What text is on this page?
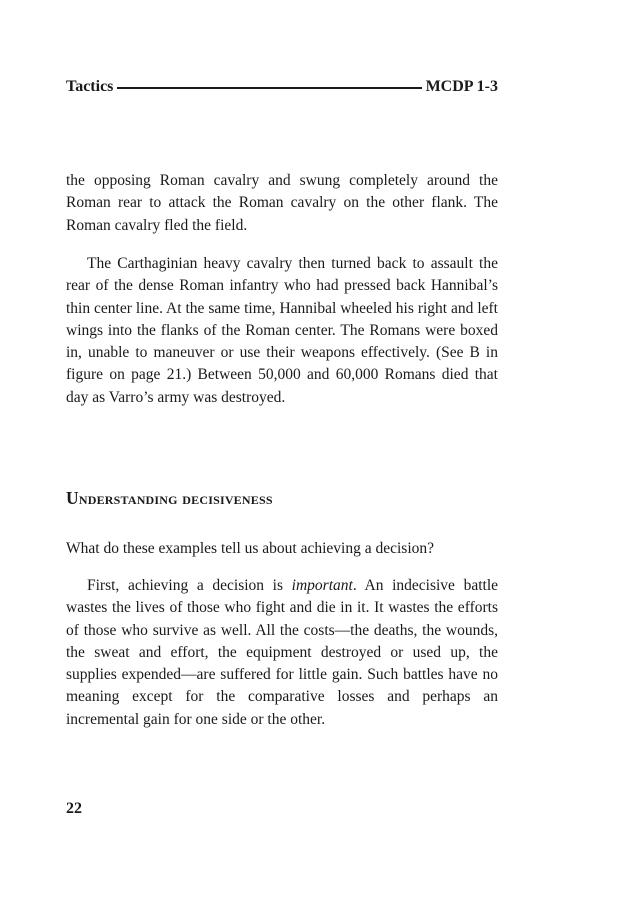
Tactics	MCDP 1-3

the opposing Roman cavalry and swung completely around the Roman rear to attack the Roman cavalry on the other flank. The Roman cavalry fled the field.

The Carthaginian heavy cavalry then turned back to assault the rear of the dense Roman infantry who had pressed back Hannibal’s thin center line. At the same time, Hannibal wheeled his right and left wings into the flanks of the Roman center. The Romans were boxed in, unable to maneuver or use their weapons effectively. (See B in figure on page 21.) Between 50,000 and 60,000 Romans died that day as Varro’s army was destroyed.

Understanding decisiveness

What do these examples tell us about achieving a decision?

First, achieving a decision is important. An indecisive battle wastes the lives of those who fight and die in it. It wastes the efforts of those who survive as well. All the costs—the deaths, the wounds, the sweat and effort, the equipment destroyed or used up, the supplies expended—are suffered for little gain. Such battles have no meaning except for the comparative losses and perhaps an incremental gain for one side or the other.

22
